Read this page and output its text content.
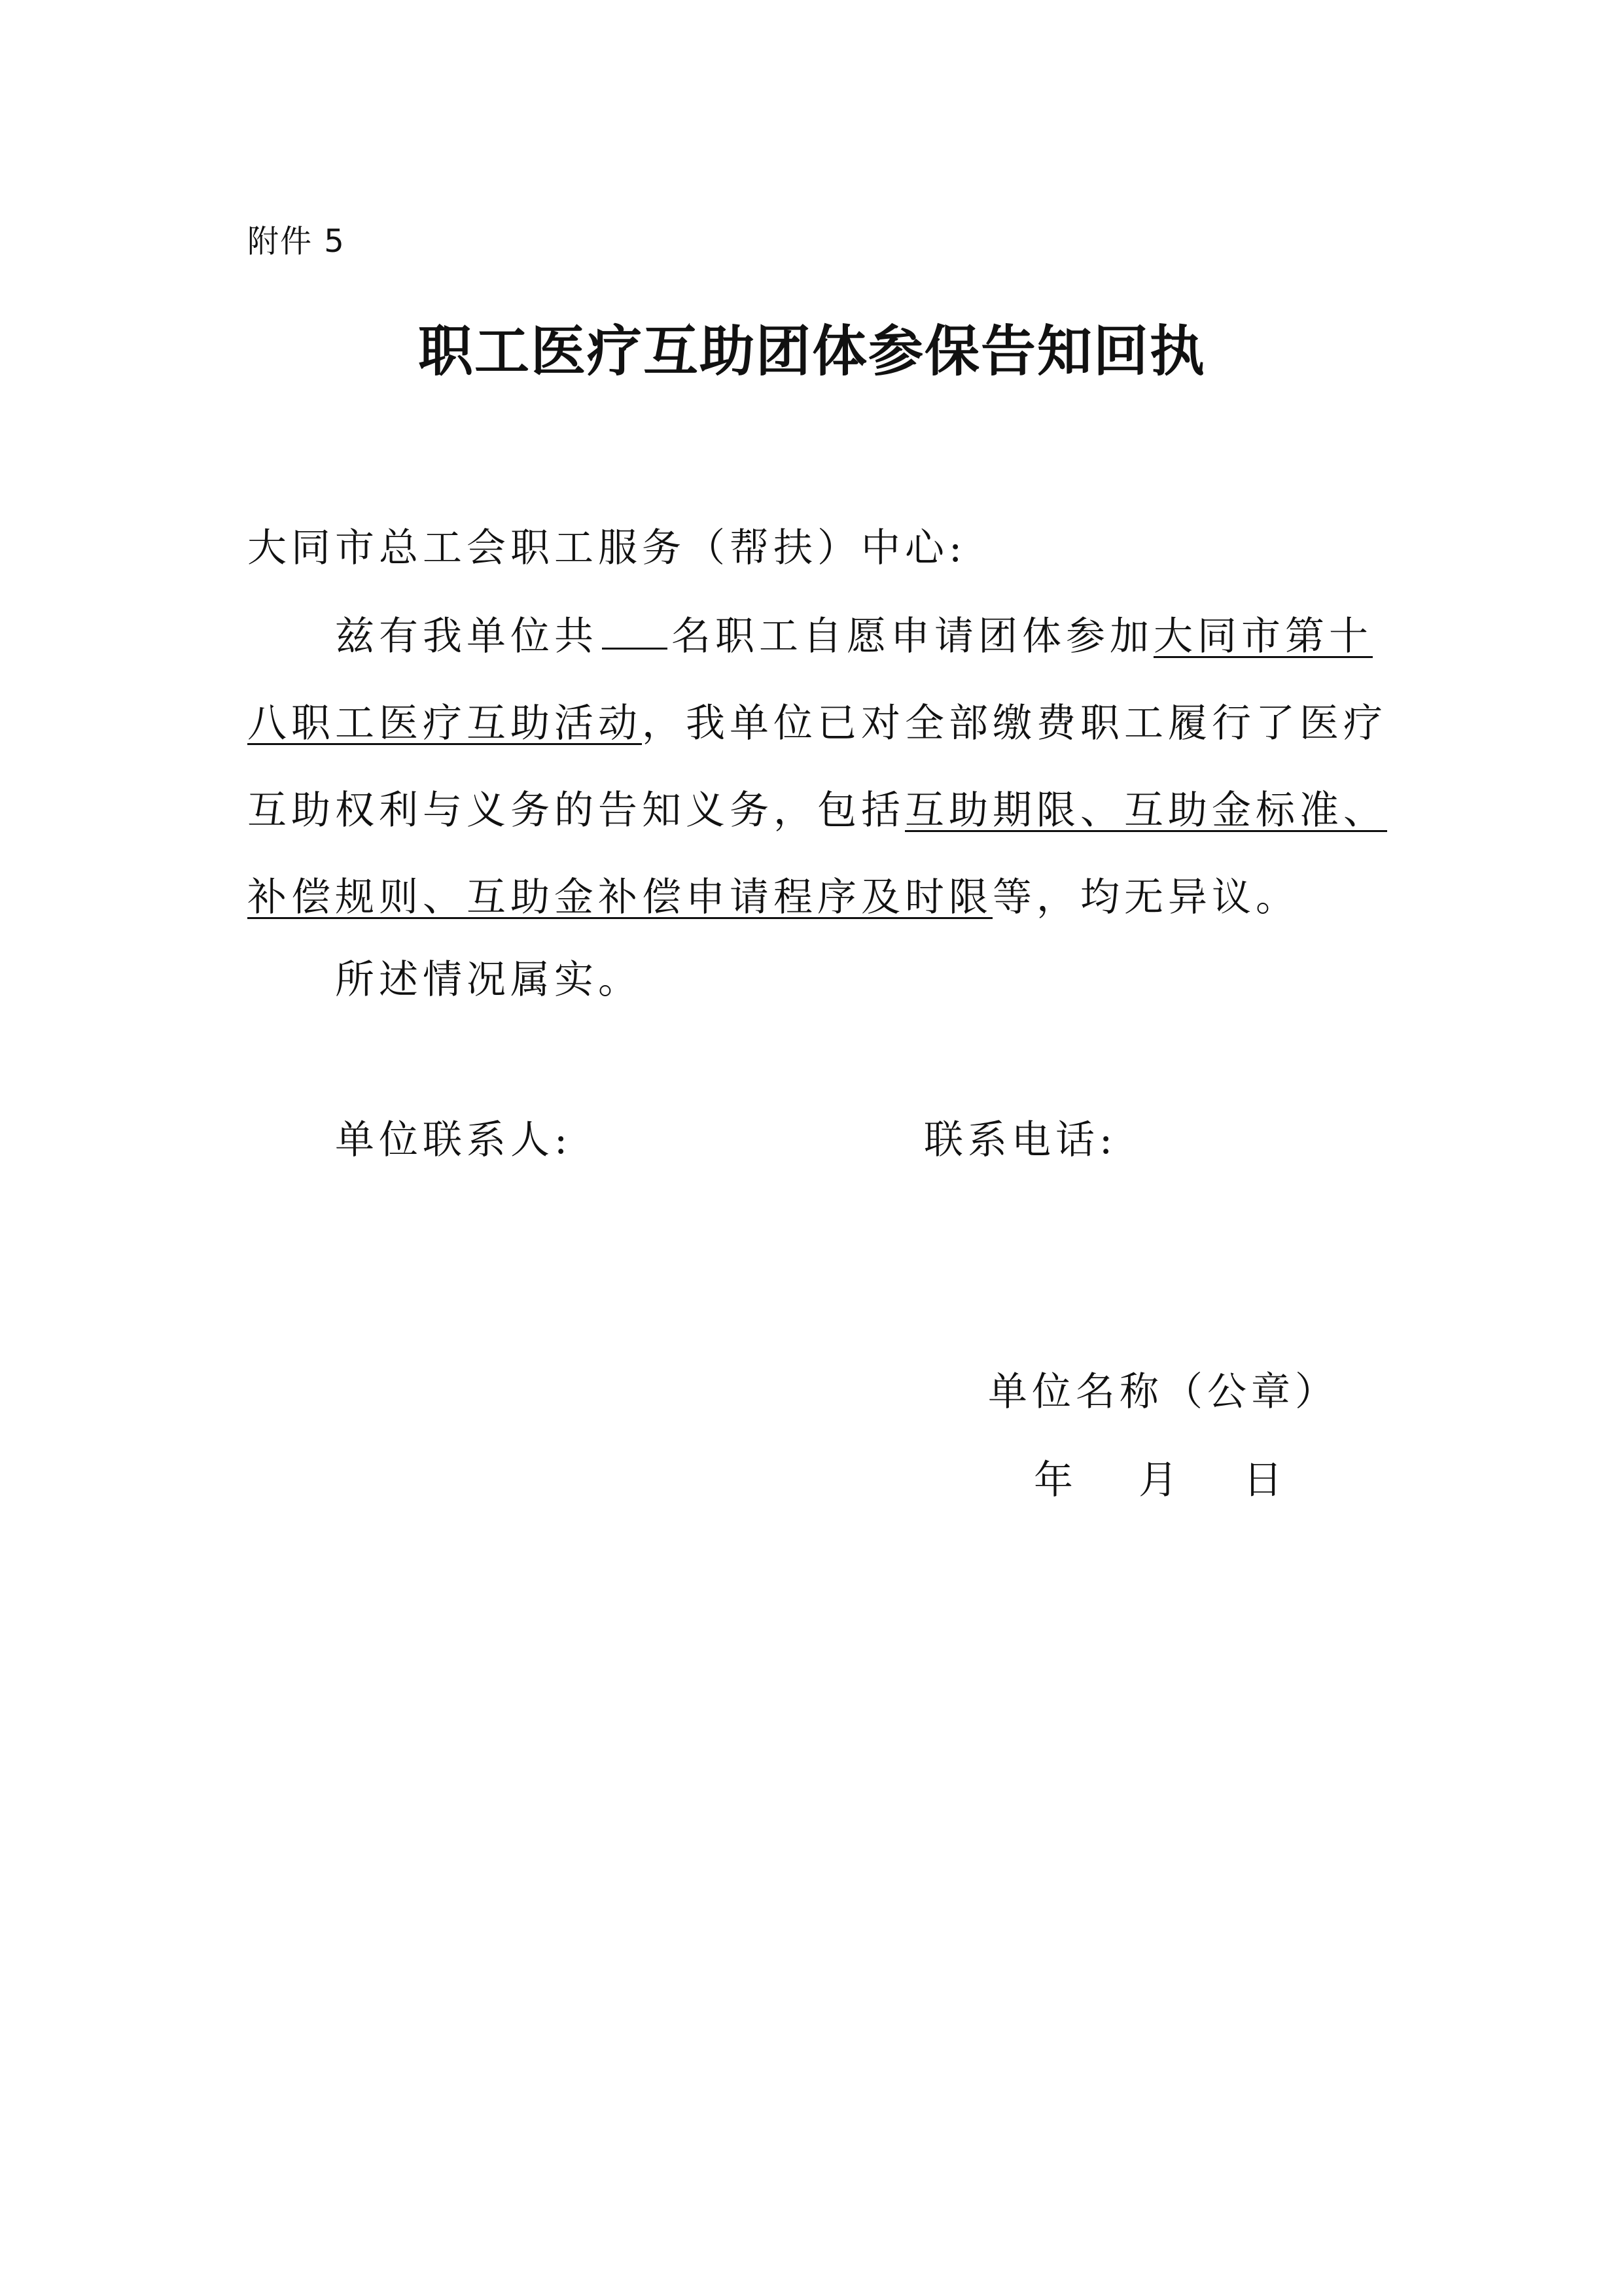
附件 5
职工医疗互助团体参保告知回执
大同市总工会职工服务（帮扶）中心:
兹有我单位共 名职工自愿申请团体参加大同市第十
八职工医疗互助活动，我单位已对全部缴费职工履行了医疗
互助权利与义务的告知义务，包括互助期限、互助金标准、
补偿规则、互助金补偿申请程序及时限等，均无异议。
所述情况属实。
单位联系人:	联系电话:
单位名称（公章）
年 月 日
